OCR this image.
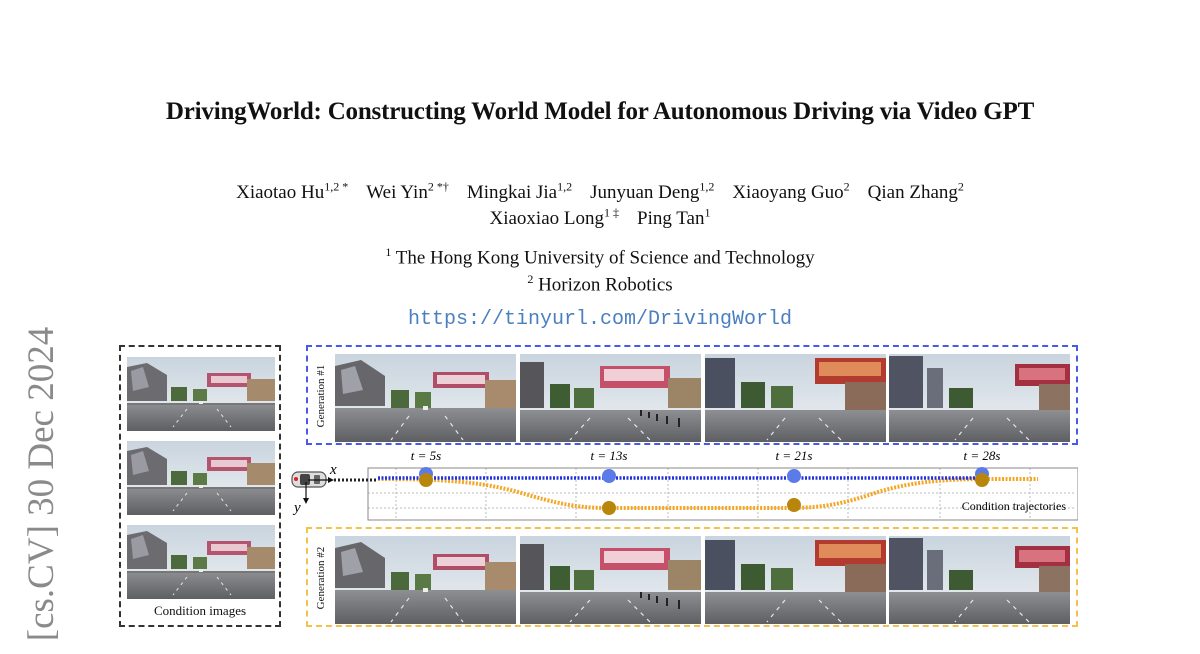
DrivingWorld: Constructing World Model for Autonomous Driving via Video GPT
Xiaotao $Hu^{1,2 *}$ Wei Yin$^{2 *\dagger}$ Mingkai Jia$^{1,2}$ Junyuan Deng$^{1,2}$ Xiaoyang Guo$^2$ Qian Zhang$^2$
Xiaoxiao Long$^{1 \ddagger}$ Ping Tan$^1$
$^1$ The Hong Kong University of Science and Technology
$^2$ Horizon Robotics
https://tinyurl.com/DrivingWorld
[cs.CV] 30 Dec 2024	Condition images
Generation #1
x
y
t = 5s	t = 13s	t = 21s	t = 28s
Condition trajectories
Generation #2
